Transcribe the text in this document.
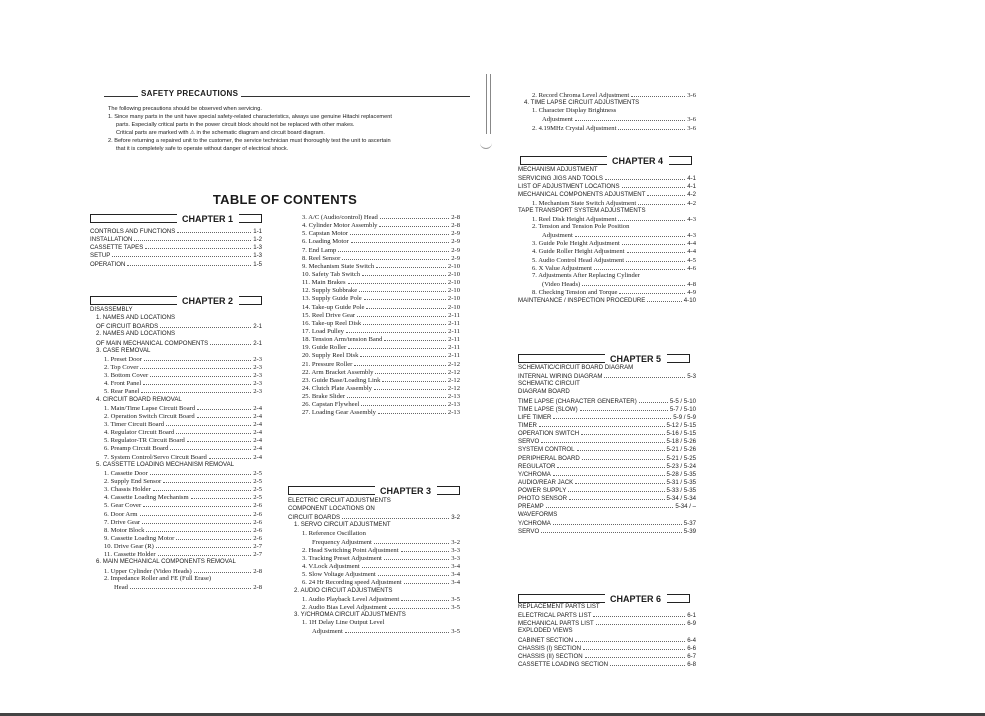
SAFETY PRECAUTIONS

The following precautions should be observed when servicing.

1. Since many parts in the unit have special safety-related characteristics, always use genuine Hitachi replacement

parts. Especially critical parts in the power circuit block should not be replaced with other makes.

Critical parts are marked with ⚠ in the schematic diagram and circuit board diagram.

2. Before returning a repaired unit to the customer, the service technician must thoroughly test the unit to ascertain

that it is completely safe to operate without danger of electrical shock.

TABLE OF CONTENTS
CHAPTER 1
CHAPTER 2
CHAPTER 3
CHAPTER 4
CHAPTER 5
CHAPTER 6
CONTROLS AND FUNCTIONS	1-1
INSTALLATION	1-2
CASSETTE TAPES	1-3
SETUP	1-3
OPERATION	1-5
DISASSEMBLY
1. NAMES AND LOCATIONS
OF CIRCUIT BOARDS	2-1
2. NAMES AND LOCATIONS
OF MAIN MECHANICAL COMPONENTS	2-1
3. CASE REMOVAL
1. Preset Door	2-3
2. Top Cover	2-3
3. Bottom Cover	2-3
4. Front Panel	2-3
5. Rear Panel	2-3
4. CIRCUIT BOARD REMOVAL
1. Main/Time Lapse Circuit Board	2-4
2. Operation Switch Circuit Board	2-4
3. Timer Circuit Board	2-4
4. Regulator Circuit Board	2-4
5. Regulator-TR Circuit Board	2-4
6. Preamp Circuit Board	2-4
7. System Control/Servo Circuit Board	2-4
5. CASSETTE LOADING MECHANISM REMOVAL
1. Cassette Door	2-5
2. Supply End Sensor	2-5
3. Chassis Holder	2-5
4. Cassette Loading Mechanism	2-5
5. Gear Cover	2-6
6. Door Arm	2-6
7. Drive Gear	2-6
8. Motor Block	2-6
9. Cassette Loading Motor	2-6
10. Drive Gear (R)	2-7
11. Cassette Holder	2-7
6. MAIN MECHANICAL COMPONENTS REMOVAL
1. Upper Cylinder (Video Heads)	2-8
2. Impedance Roller and FE (Full Erase)
Head	2-8
3. A/C (Audio/control) Head	2-8
4. Cylinder Motor Assembly	2-8
5. Capstan Motor	2-9
6. Loading Motor	2-9
7. End Lamp	2-9
8. Reel Sensor	2-9
9. Mechanism State Switch	2-10
10. Safety Tab Switch	2-10
11. Main Brakes	2-10
12. Supply Subbrake	2-10
13. Supply Guide Pole	2-10
14. Take-up Guide Pole	2-10
15. Reel Drive Gear	2-11
16. Take-up Reel Disk	2-11
17. Load Pulley	2-11
18. Tension Arm/tension Band	2-11
19. Guide Roller	2-11
20. Supply Reel Disk	2-11
21. Pressure Roller	2-12
22. Arm Bracket Assembly	2-12
23. Guide Base/Loading Link	2-12
24. Clutch Plate Assembly	2-12
25. Brake Slider	2-13
26. Capstan Flywheel	2-13
27. Loading Gear Assembly	2-13
ELECTRIC CIRCUIT ADJUSTMENTS
COMPONENT LOCATIONS ON
CIRCUIT BOARDS	3-2
1. SERVO CIRCUIT ADJUSTMENT
1. Reference Oscillation
Frequency Adjustment	3-2
2. Head Switching Point Adjustment	3-3
3. Tracking Preset Adjustment	3-3
4. V.Lock Adjustment	3-4
5. Slow Voltage Adjustment	3-4
6. 24 Hr Recording speed Adjustment	3-4
2. AUDIO CIRCUIT ADJUSTMENTS
1. Audio Playback Level Adjustment	3-5
2. Audio Bias Level Adjustment	3-5
3. Y/CHROMA CIRCUIT ADJUSTMENTS
1. 1H Delay Line Output Level
Adjustment	3-5
2. Record Chroma Level Adjustment	3-6
4. TIME LAPSE CIRCUIT ADJUSTMENTS
1. Character Display Brightness
Adjustment	3-6
2. 4.19MHz Crystal Adjustment	3-6
MECHANISM ADJUSTMENT
SERVICING JIGS AND TOOLS	4-1
LIST OF ADJUSTMENT LOCATIONS	4-1
MECHANICAL COMPONENTS ADJUSTMENT	4-2
1. Mechanism State Switch Adjustment	4-2
TAPE TRANSPORT SYSTEM ADJUSTMENTS
1. Reel Disk Height Adjustment	4-3
2. Tension and Tension Pole Position
Adjustment	4-3
3. Guide Pole Height Adjustment	4-4
4. Guide Roller Height Adjustment	4-4
5. Audio Control Head Adjustment	4-5
6. X Value Adjustment	4-6
7. Adjustments After Replacing Cylinder
(Video Heads)	4-8
8. Checking Tension and Torque	4-9
MAINTENANCE / INSPECTION PROCEDURE	4-10
SCHEMATIC/CIRCUIT BOARD DIAGRAM
INTERNAL WIRING DIAGRAM	5-3
SCHEMATIC CIRCUIT
DIAGRAM BOARD
TIME LAPSE (CHARACTER GENERATER)	5-5 / 5-10
TIME LAPSE (SLOW)	5-7 / 5-10
LIFE TIMER	5-9 / 5-9
TIMER	5-12 / 5-15
OPERATION SWITCH	5-16 / 5-15
SERVO	5-18 / 5-26
SYSTEM CONTROL	5-21 / 5-26
PERIPHERAL BOARD	5-21 / 5-25
REGULATOR	5-23 / 5-24
Y/CHROMA	5-28 / 5-35
AUDIO/REAR JACK	5-31 / 5-35
POWER SUPPLY	5-33 / 5-35
PHOTO SENSOR	5-34 / 5-34
PREAMP	5-34 / –
WAVEFORMS
Y/CHROMA	5-37
SERVO	5-39
REPLACEMENT PARTS LIST
ELECTRICAL PARTS LIST	6-1
MECHANICAL PARTS LIST	6-9
EXPLODED VIEWS
CABINET SECTION	6-4
CHASSIS (I) SECTION	6-6
CHASSIS (II) SECTION	6-7
CASSETTE LOADING SECTION	6-8
